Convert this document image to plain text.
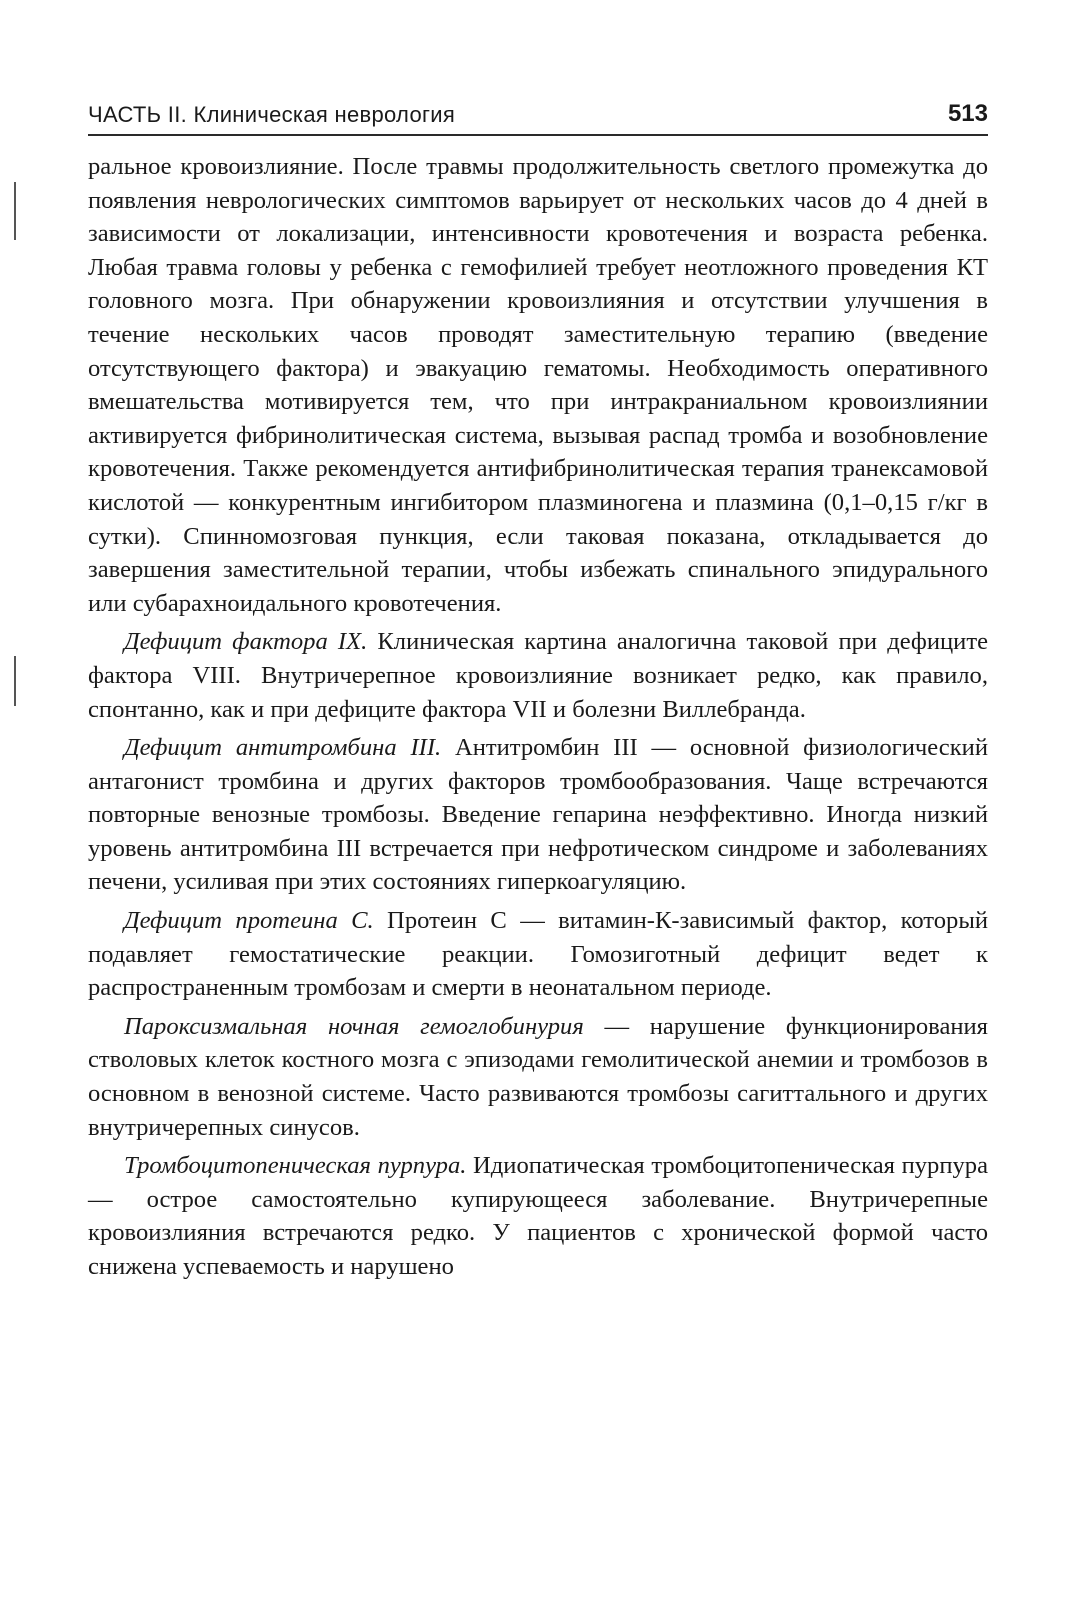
ЧАСТЬ II. Клиническая неврология	513

ральное кровоизлияние. После травмы продолжительность светлого промежутка до появления неврологических симптомов варьирует от нескольких часов до 4 дней в зависимости от локализации, интенсивности кровотечения и возраста ребенка. Любая травма головы у ребенка с гемофилией требует неотложного проведения КТ головного мозга. При обнаружении кровоизлияния и отсутствии улучшения в течение нескольких часов проводят заместительную терапию (введение отсутствующего фактора) и эвакуацию гематомы. Необходимость оперативного вмешательства мотивируется тем, что при интракраниальном кровоизлиянии активируется фибринолитическая система, вызывая распад тромба и возобновление кровотечения. Также рекомендуется антифибринолитическая терапия транексамовой кислотой — конкурентным ингибитором плазминогена и плазмина (0,1–0,15 г/кг в сутки). Спинномозговая пункция, если таковая показана, откладывается до завершения заместительной терапии, чтобы избежать спинального эпидурального или субарахноидального кровотечения.

Дефицит фактора IX. Клиническая картина аналогична таковой при дефиците фактора VIII. Внутричерепное кровоизлияние возникает редко, как правило, спонтанно, как и при дефиците фактора VII и болезни Виллебранда.

Дефицит антитромбина III. Антитромбин III — основной физиологический антагонист тромбина и других факторов тромбообразования. Чаще встречаются повторные венозные тромбозы. Введение гепарина неэффективно. Иногда низкий уровень антитромбина III встречается при нефротическом синдроме и заболеваниях печени, усиливая при этих состояниях гиперкоагуляцию.

Дефицит протеина С. Протеин С — витамин-К-зависимый фактор, который подавляет гемостатические реакции. Гомозиготный дефицит ведет к распространенным тромбозам и смерти в неонатальном периоде.

Пароксизмальная ночная гемоглобинурия — нарушение функционирования стволовых клеток костного мозга с эпизодами гемолитической анемии и тромбозов в основном в венозной системе. Часто развиваются тромбозы сагиттального и других внутричерепных синусов.

Тромбоцитопеническая пурпура. Идиопатическая тромбоцитопеническая пурпура — острое самостоятельно купирующееся заболевание. Внутричерепные кровоизлияния встречаются редко. У пациентов с хронической формой часто снижена успеваемость и нарушено
